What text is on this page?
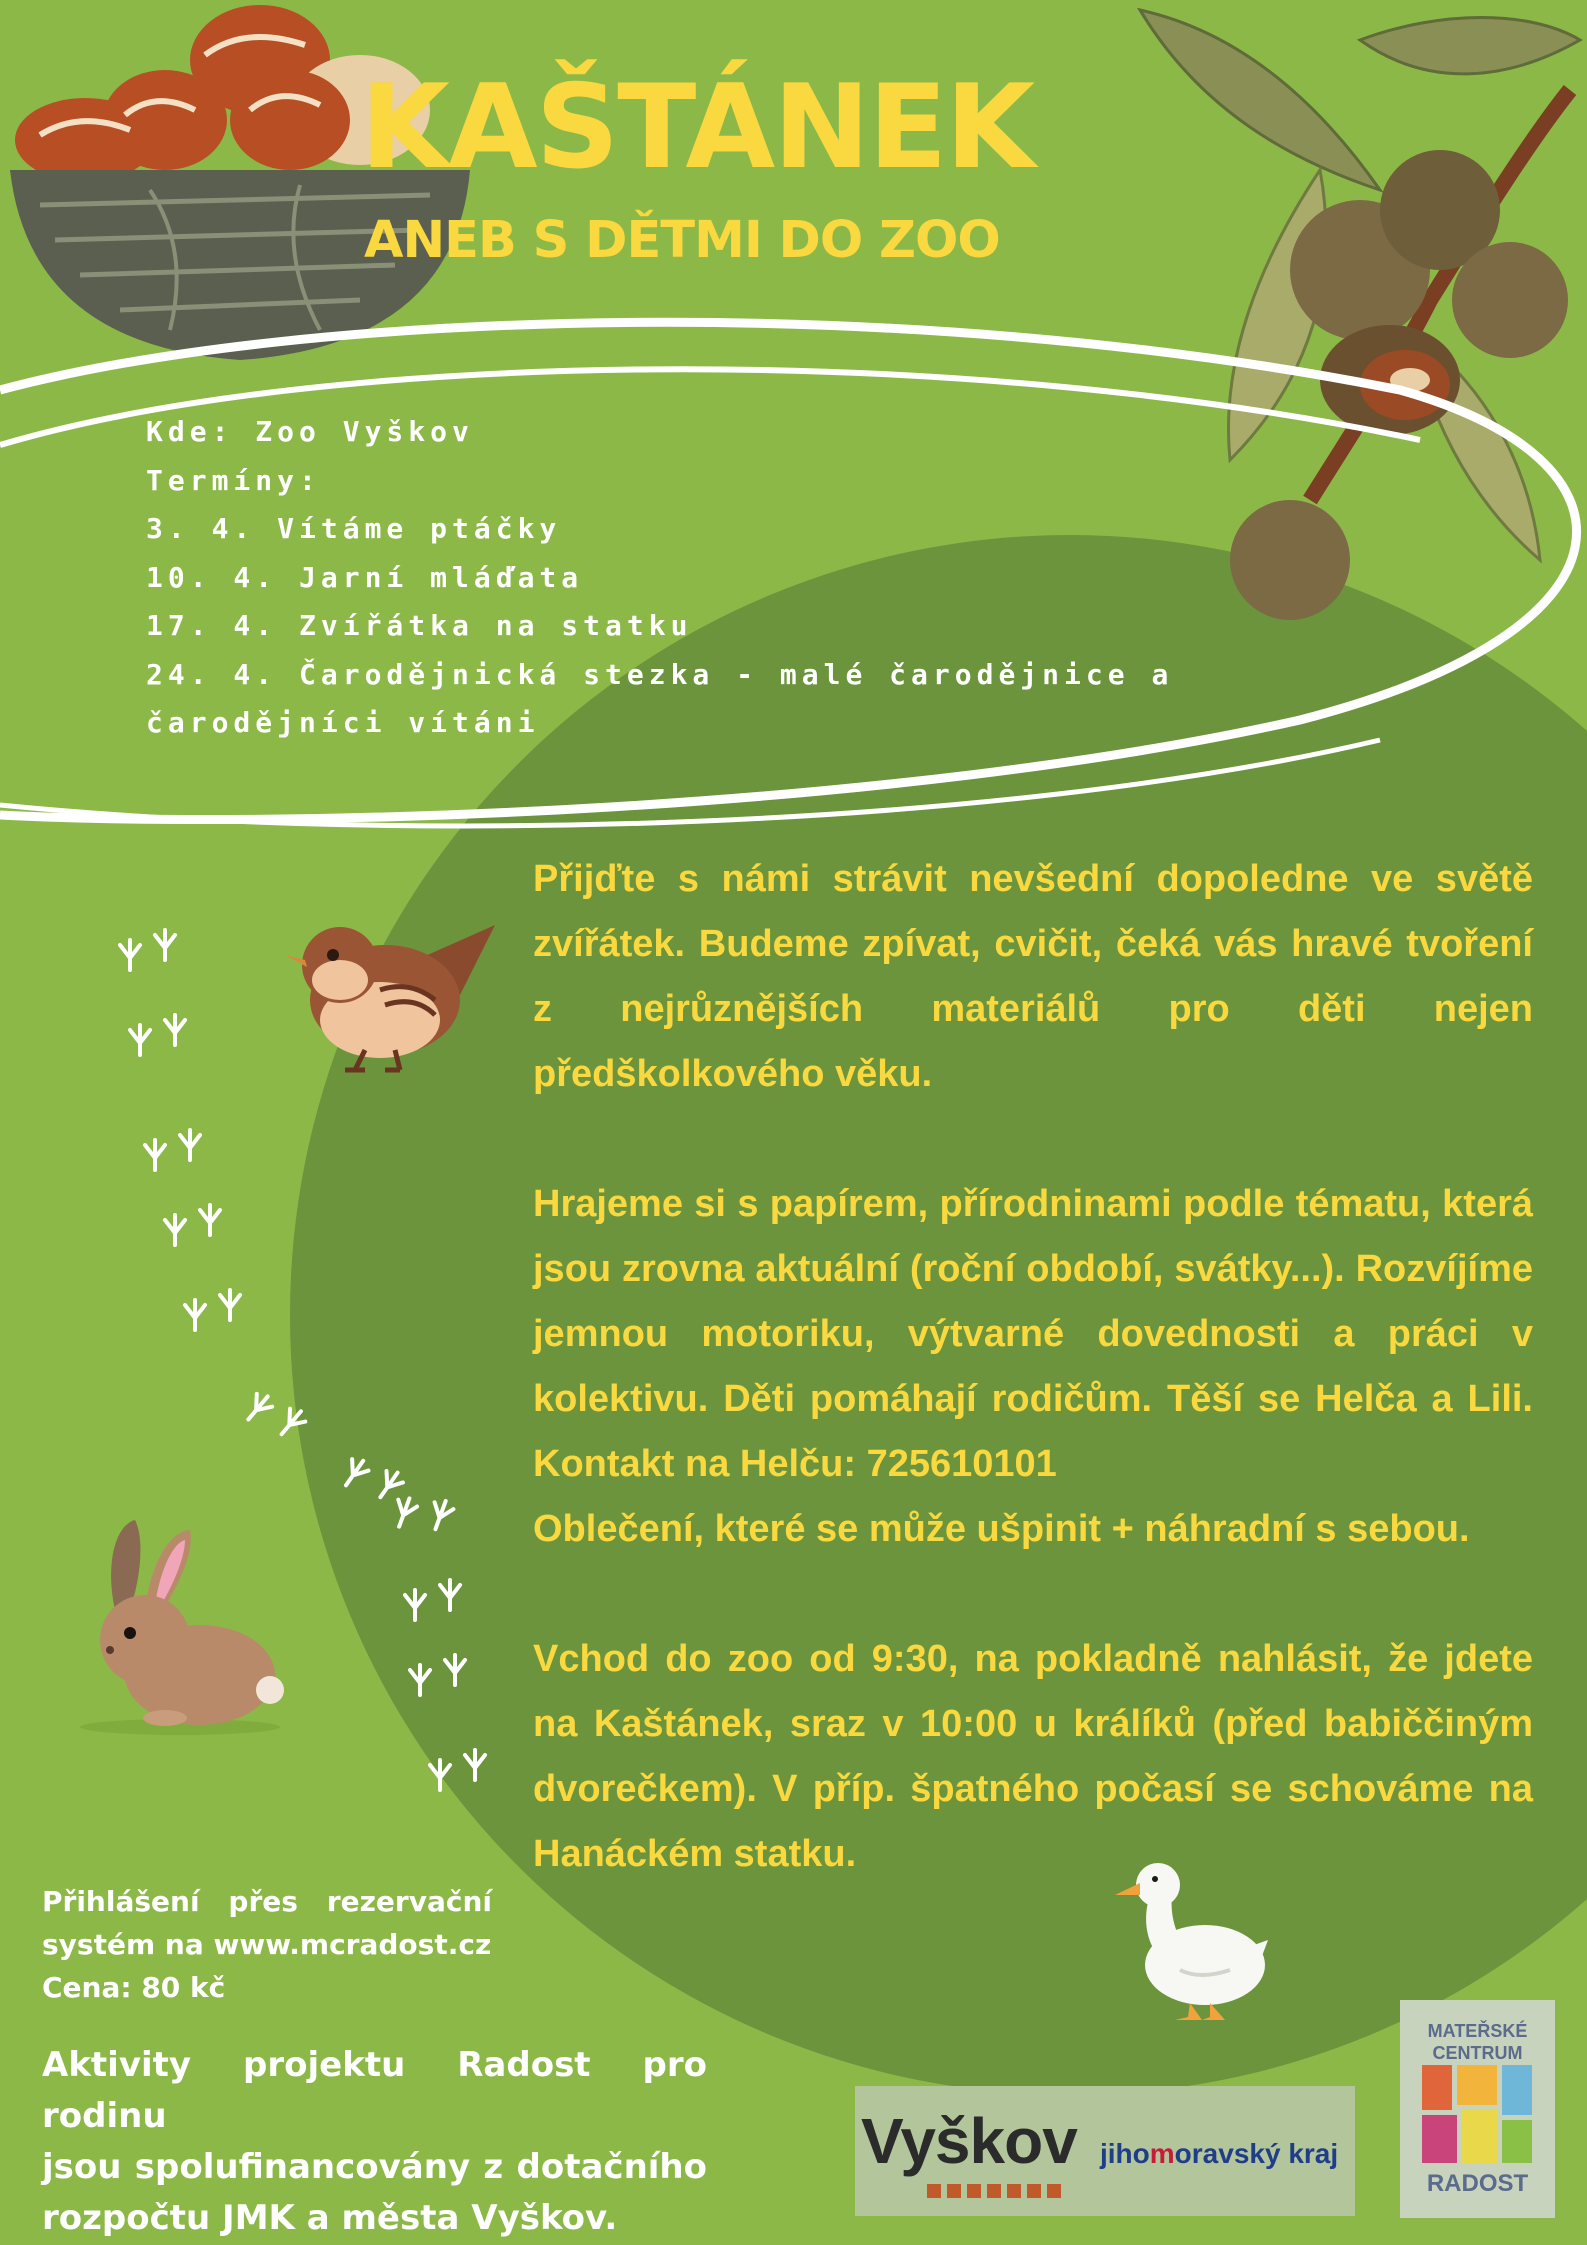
KAŠTÁNEK
ANEB S DĚTMI DO ZOO
Kde: Zoo Vyškov
Termíny:
3. 4. Vítáme ptáčky
10. 4. Jarní mláďata
17. 4. Zvířátka na statku
24. 4. Čarodějnická stezka - malé čarodějnice a čarodějníci vítáni

Přijďte s námi strávit nevšední dopoledne ve světě zvířátek. Budeme zpívat, cvičit, čeká vás hravé tvoření z nejrůznějších materiálů pro děti nejen předškolkového věku.

Hrajeme si s papírem, přírodninami podle tématu, která jsou zrovna aktuální (roční období, svátky...). Rozvíjíme jemnou motoriku, výtvarné dovednosti a práci v kolektivu. Děti pomáhají rodičům. Těší se Helča a Lili. Kontakt na Helču: 725610101
Oblečení, které se může ušpinit + náhradní s sebou.

Vchod do zoo od 9:30, na pokladně nahlásit, že jdete na Kaštánek, sraz v 10:00 u králíků (před babiččiným dvorečkem). V příp. špatného počasí se schováme na Hanáckém statku.

Přihlášení přes rezervační
systém na www.mcradost.cz
Cena: 80 kč
Aktivity projektu Radost pro rodinu
jsou spolufinancovány z dotačního
rozpočtu JMK a města Vyškov.
Vyškov jihomoravský kraj
MATEŘSKÉ
CENTRUM
RADOST
